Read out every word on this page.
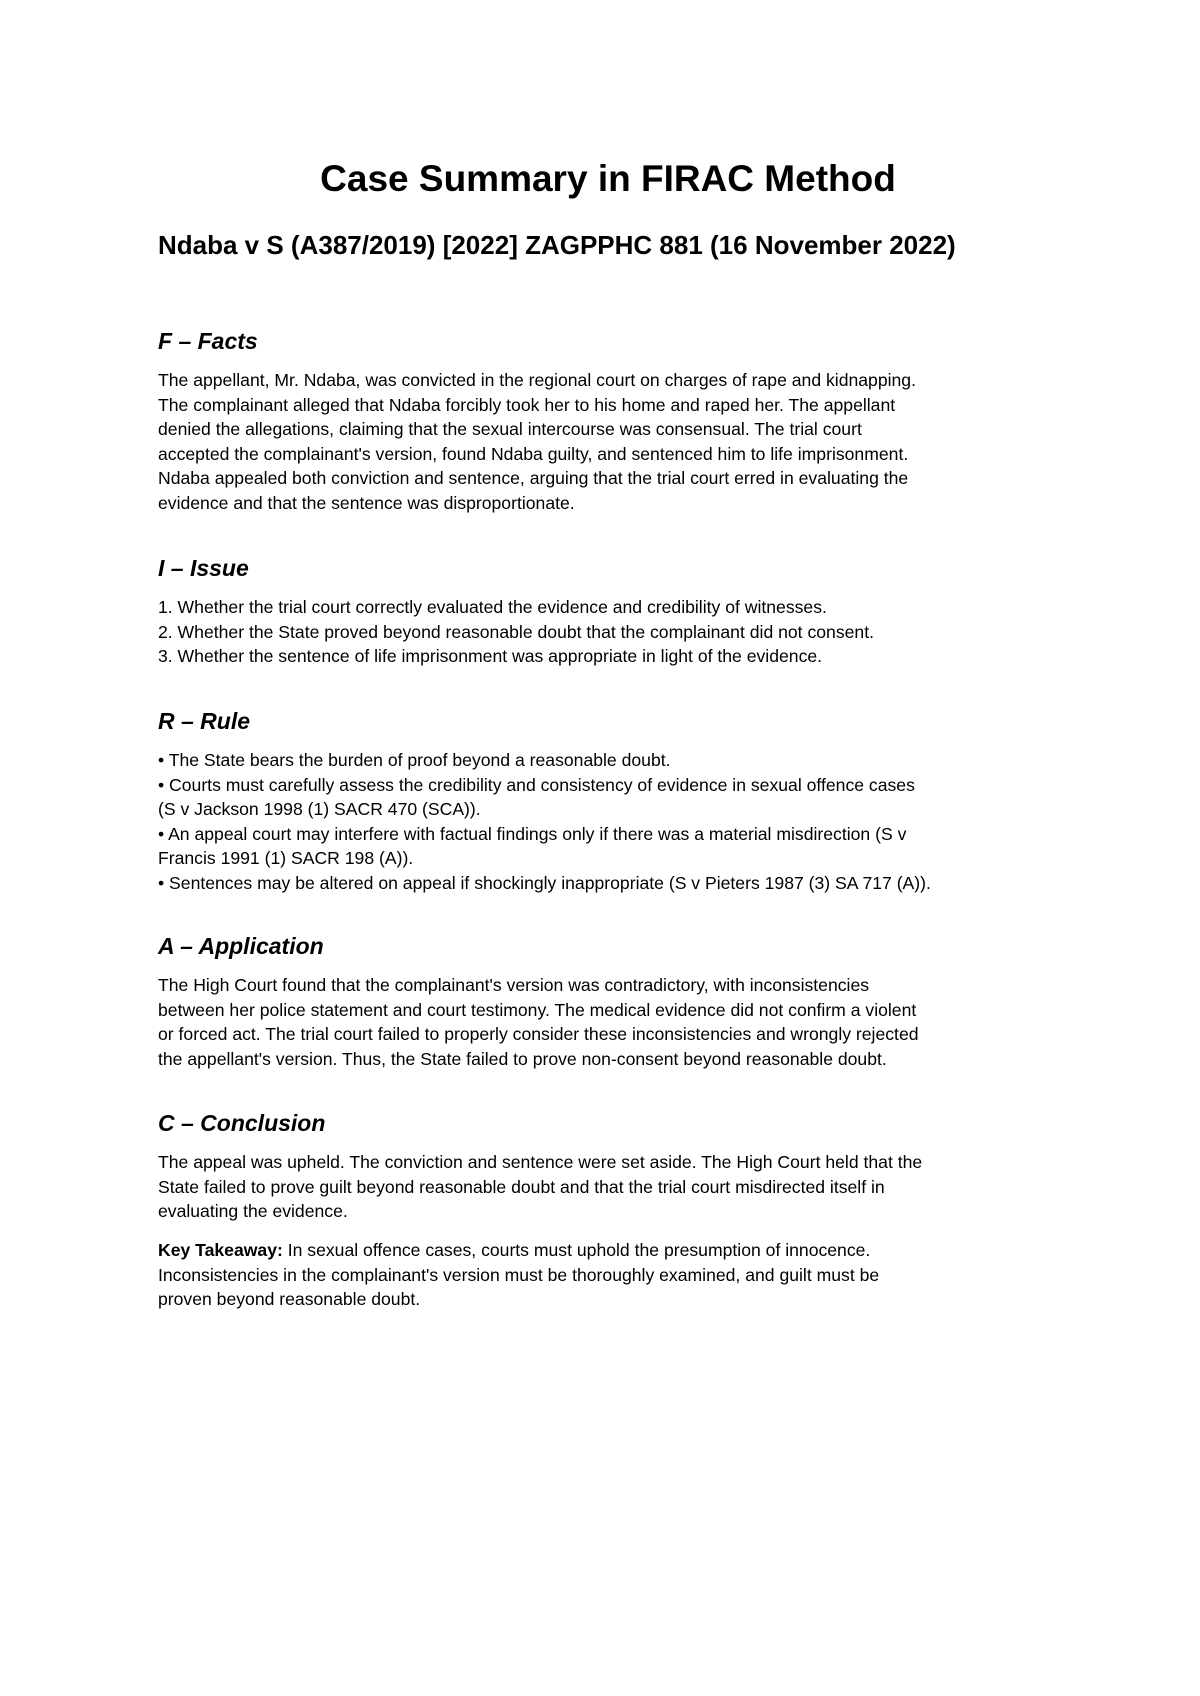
Case Summary in FIRAC Method
Ndaba v S (A387/2019) [2022] ZAGPPHC 881 (16 November 2022)
F – Facts
The appellant, Mr. Ndaba, was convicted in the regional court on charges of rape and kidnapping.
The complainant alleged that Ndaba forcibly took her to his home and raped her. The appellant
denied the allegations, claiming that the sexual intercourse was consensual. The trial court
accepted the complainant's version, found Ndaba guilty, and sentenced him to life imprisonment.
Ndaba appealed both conviction and sentence, arguing that the trial court erred in evaluating the
evidence and that the sentence was disproportionate.
I – Issue
1. Whether the trial court correctly evaluated the evidence and credibility of witnesses.
2. Whether the State proved beyond reasonable doubt that the complainant did not consent.
3. Whether the sentence of life imprisonment was appropriate in light of the evidence.
R – Rule
• The State bears the burden of proof beyond a reasonable doubt.
• Courts must carefully assess the credibility and consistency of evidence in sexual offence cases
(S v Jackson 1998 (1) SACR 470 (SCA)).
• An appeal court may interfere with factual findings only if there was a material misdirection (S v
Francis 1991 (1) SACR 198 (A)).
• Sentences may be altered on appeal if shockingly inappropriate (S v Pieters 1987 (3) SA 717 (A)).
A – Application
The High Court found that the complainant's version was contradictory, with inconsistencies
between her police statement and court testimony. The medical evidence did not confirm a violent
or forced act. The trial court failed to properly consider these inconsistencies and wrongly rejected
the appellant's version. Thus, the State failed to prove non-consent beyond reasonable doubt.
C – Conclusion
The appeal was upheld. The conviction and sentence were set aside. The High Court held that the
State failed to prove guilt beyond reasonable doubt and that the trial court misdirected itself in
evaluating the evidence.
Key Takeaway: In sexual offence cases, courts must uphold the presumption of innocence.
Inconsistencies in the complainant's version must be thoroughly examined, and guilt must be
proven beyond reasonable doubt.
